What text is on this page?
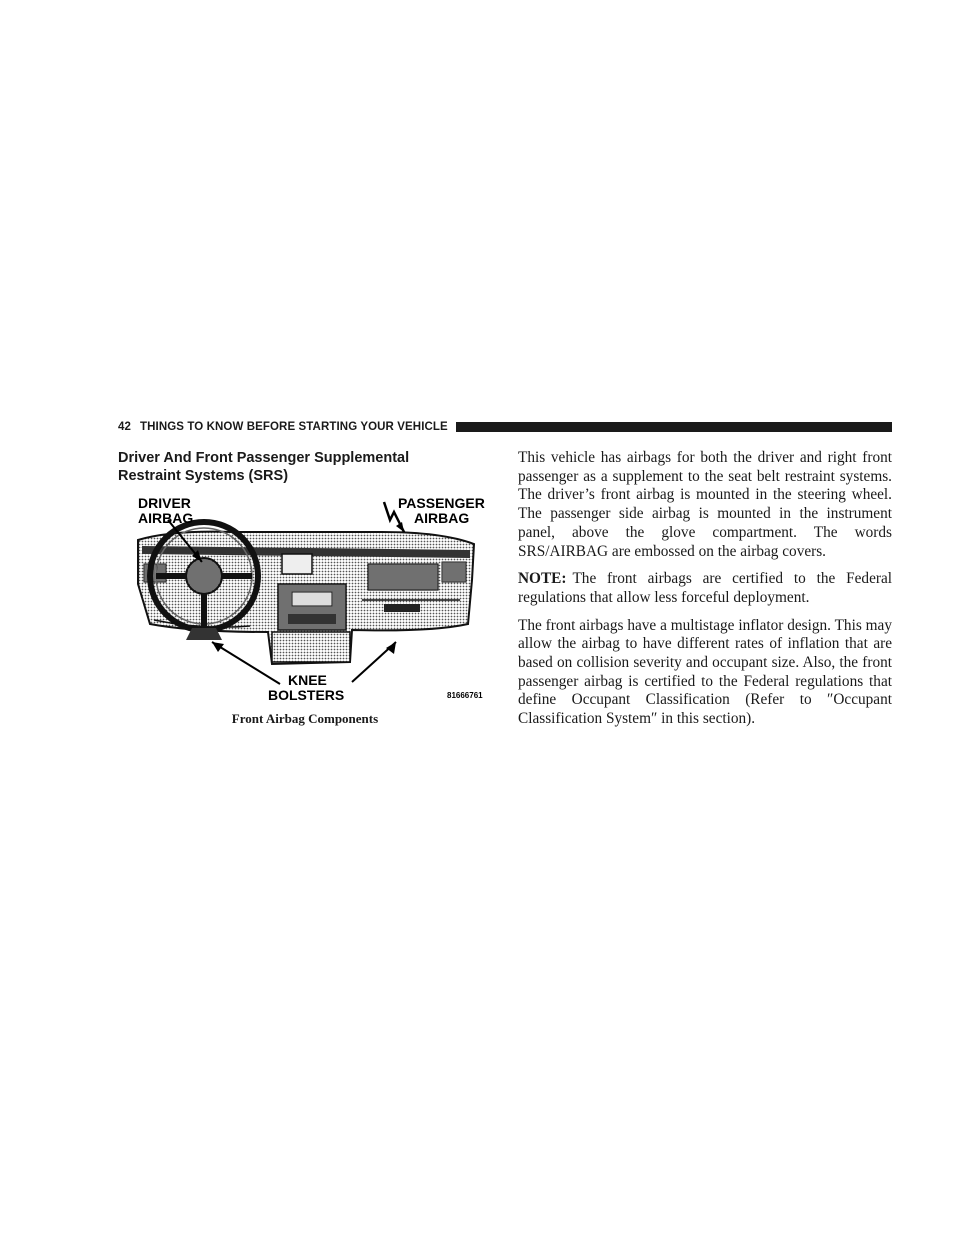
42 THINGS TO KNOW BEFORE STARTING YOUR VEHICLE
Driver And Front Passenger Supplemental
Restraint Systems (SRS)
DRIVER
AIRBAG
PASSENGER
AIRBAG
KNEE
BOLSTERS	81666761
Front Airbag Components

This vehicle has airbags for both the driver and right front passenger as a supplement to the seat belt restraint systems. The driver’s front airbag is mounted in the steering wheel. The passenger side airbag is mounted in the instrument panel, above the glove compartment. The words SRS/AIRBAG are embossed on the airbag covers.

NOTE: The front airbags are certified to the Federal regulations that allow less forceful deployment.

The front airbags have a multistage inflator design. This may allow the airbag to have different rates of inflation that are based on collision severity and occupant size. Also, the front passenger airbag is certified to the Federal regulations that define Occupant Classification (Refer to ″Occupant Classification System″ in this section).
